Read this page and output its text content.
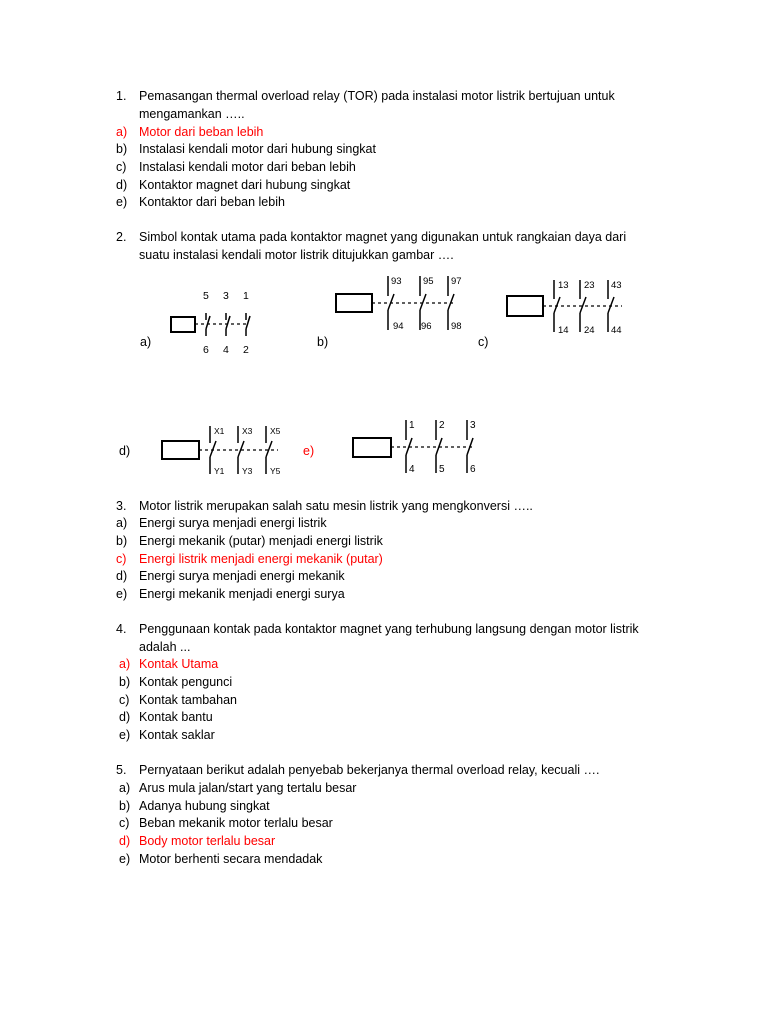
1. Pemasangan thermal overload relay (TOR) pada instalasi motor listrik bertujuan untuk
mengamankan …..
a) Motor dari beban lebih
b) Instalasi kendali motor dari hubung singkat
c) Instalasi kendali motor dari beban lebih
d) Kontaktor magnet dari hubung singkat
e) Kontaktor dari beban lebih
2. Simbol kontak utama pada kontaktor magnet yang digunakan untuk rangkaian daya dari
suatu instalasi kendali motor listrik ditujukkan gambar ….
5 3 1
6 4 2
a)
93 95 97
94 96 98
b)
13 23 43
14 24 44
c)
X1 X3 X5
Y1 Y3 Y5
d)
1 2	3
4 5	6
e)
3. Motor listrik merupakan salah satu mesin listrik yang mengkonversi …..
a) Energi surya menjadi energi listrik
b) Energi mekanik (putar) menjadi energi listrik
c) Energi listrik menjadi energi mekanik (putar)
d) Energi surya menjadi energi mekanik
e) Energi mekanik menjadi energi surya
4. Penggunaan kontak pada kontaktor magnet yang terhubung langsung dengan motor listrik
adalah ...
a) Kontak Utama
b) Kontak pengunci
c) Kontak tambahan
d) Kontak bantu
e) Kontak saklar
5. Pernyataan berikut adalah penyebab bekerjanya thermal overload relay, kecuali ….
a) Arus mula jalan/start yang tertalu besar
b) Adanya hubung singkat
c) Beban mekanik motor terlalu besar
d) Body motor terlalu besar
e) Motor berhenti secara mendadak
